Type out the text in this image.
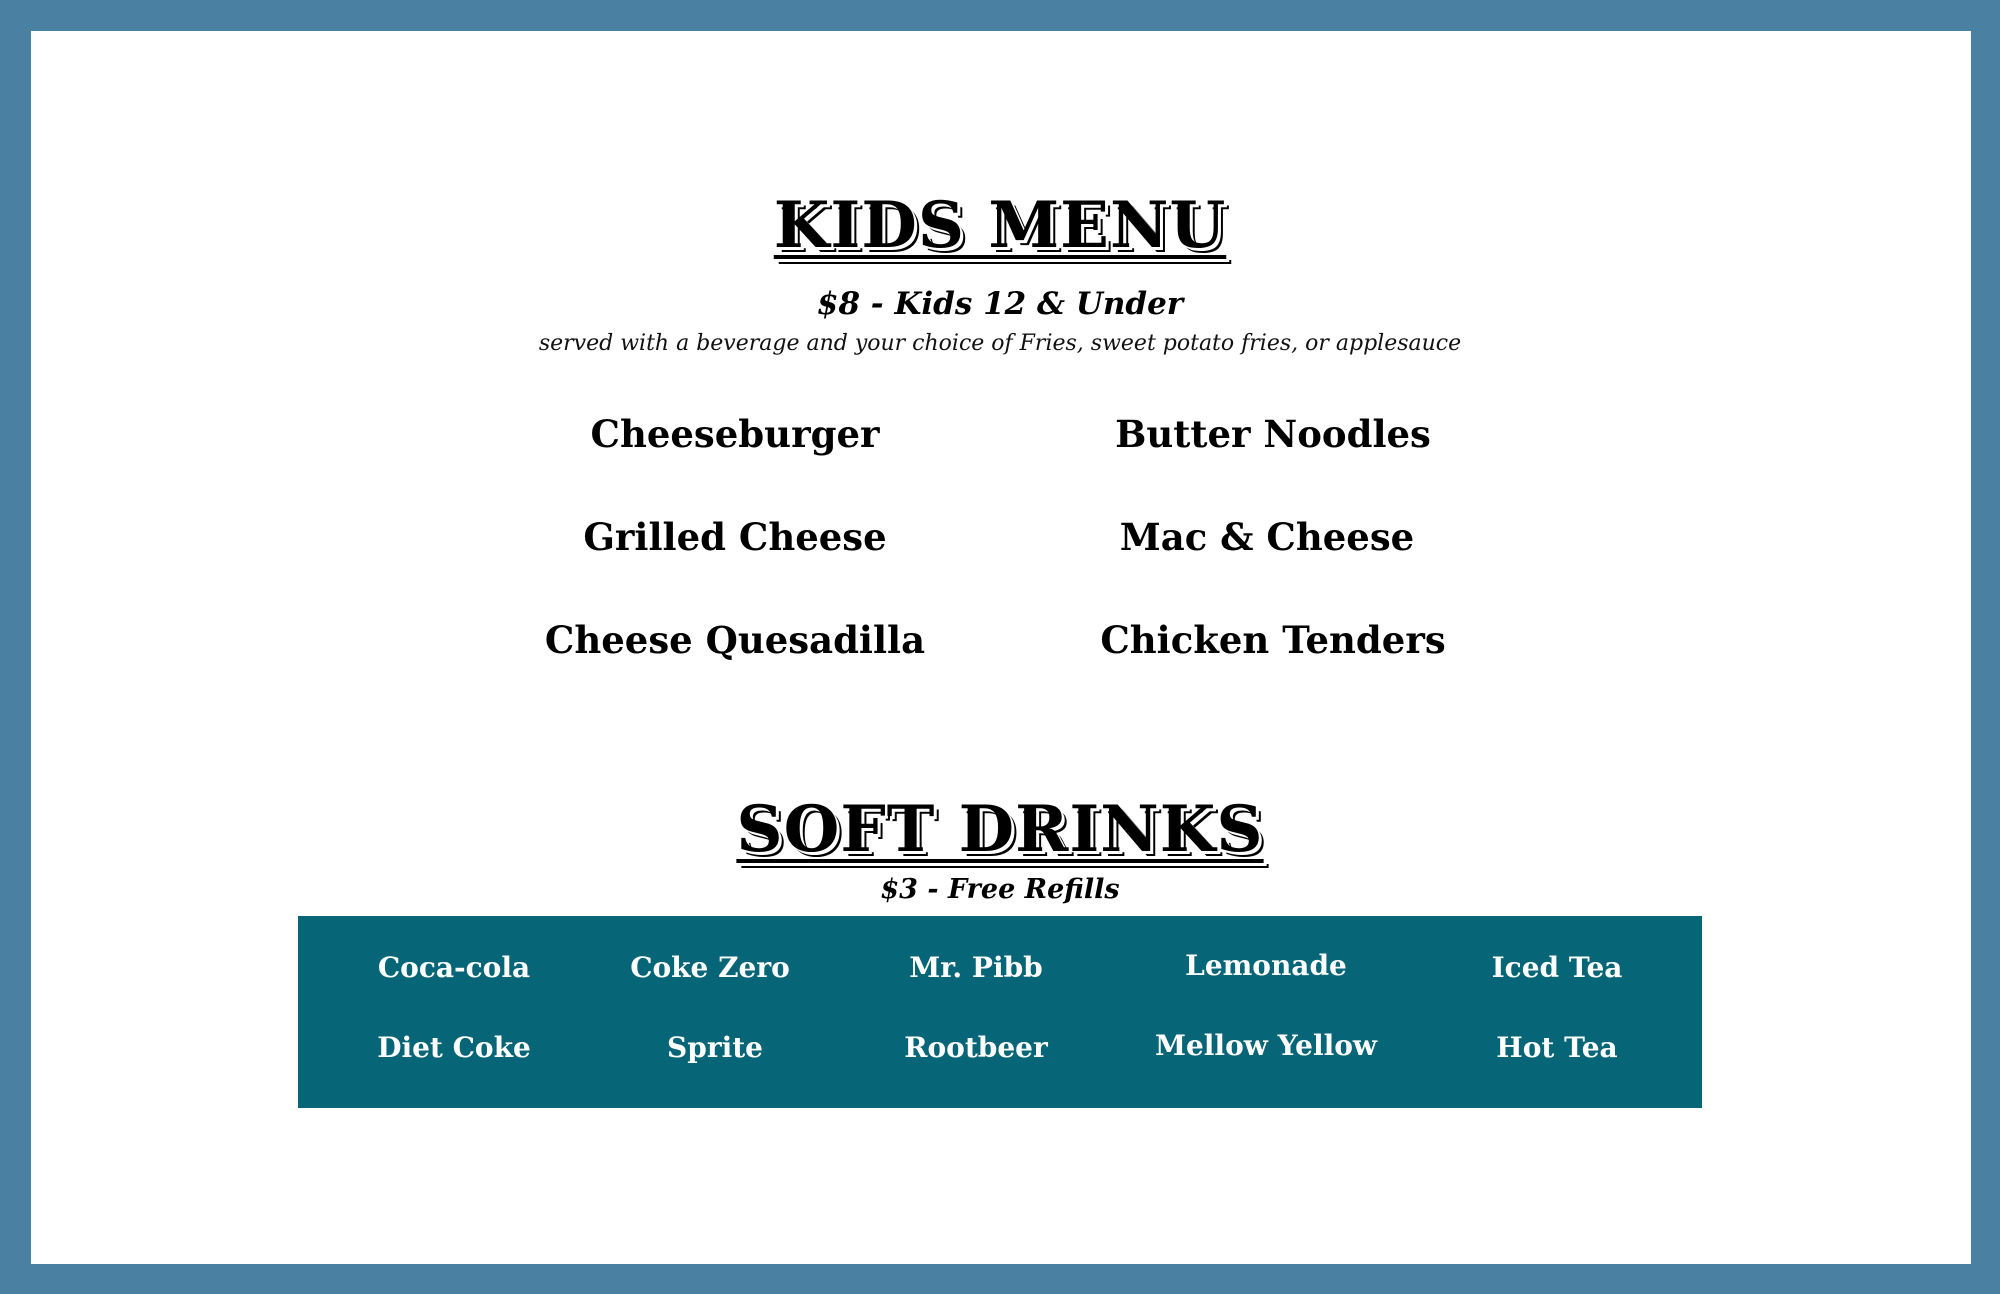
KIDS MENU
$8 - Kids 12 & Under
served with a beverage and your choice of Fries, sweet potato fries, or applesauce
Cheeseburger	Butter Noodles
Grilled Cheese	Mac & Cheese
Cheese Quesadilla	Chicken Tenders
SOFT DRINKS
$3 - Free Refills
Coca-cola	Coke Zero	Mr. Pibb	Lemonade	Iced Tea
Diet Coke	Sprite	Rootbeer	Mellow Yellow	Hot Tea
